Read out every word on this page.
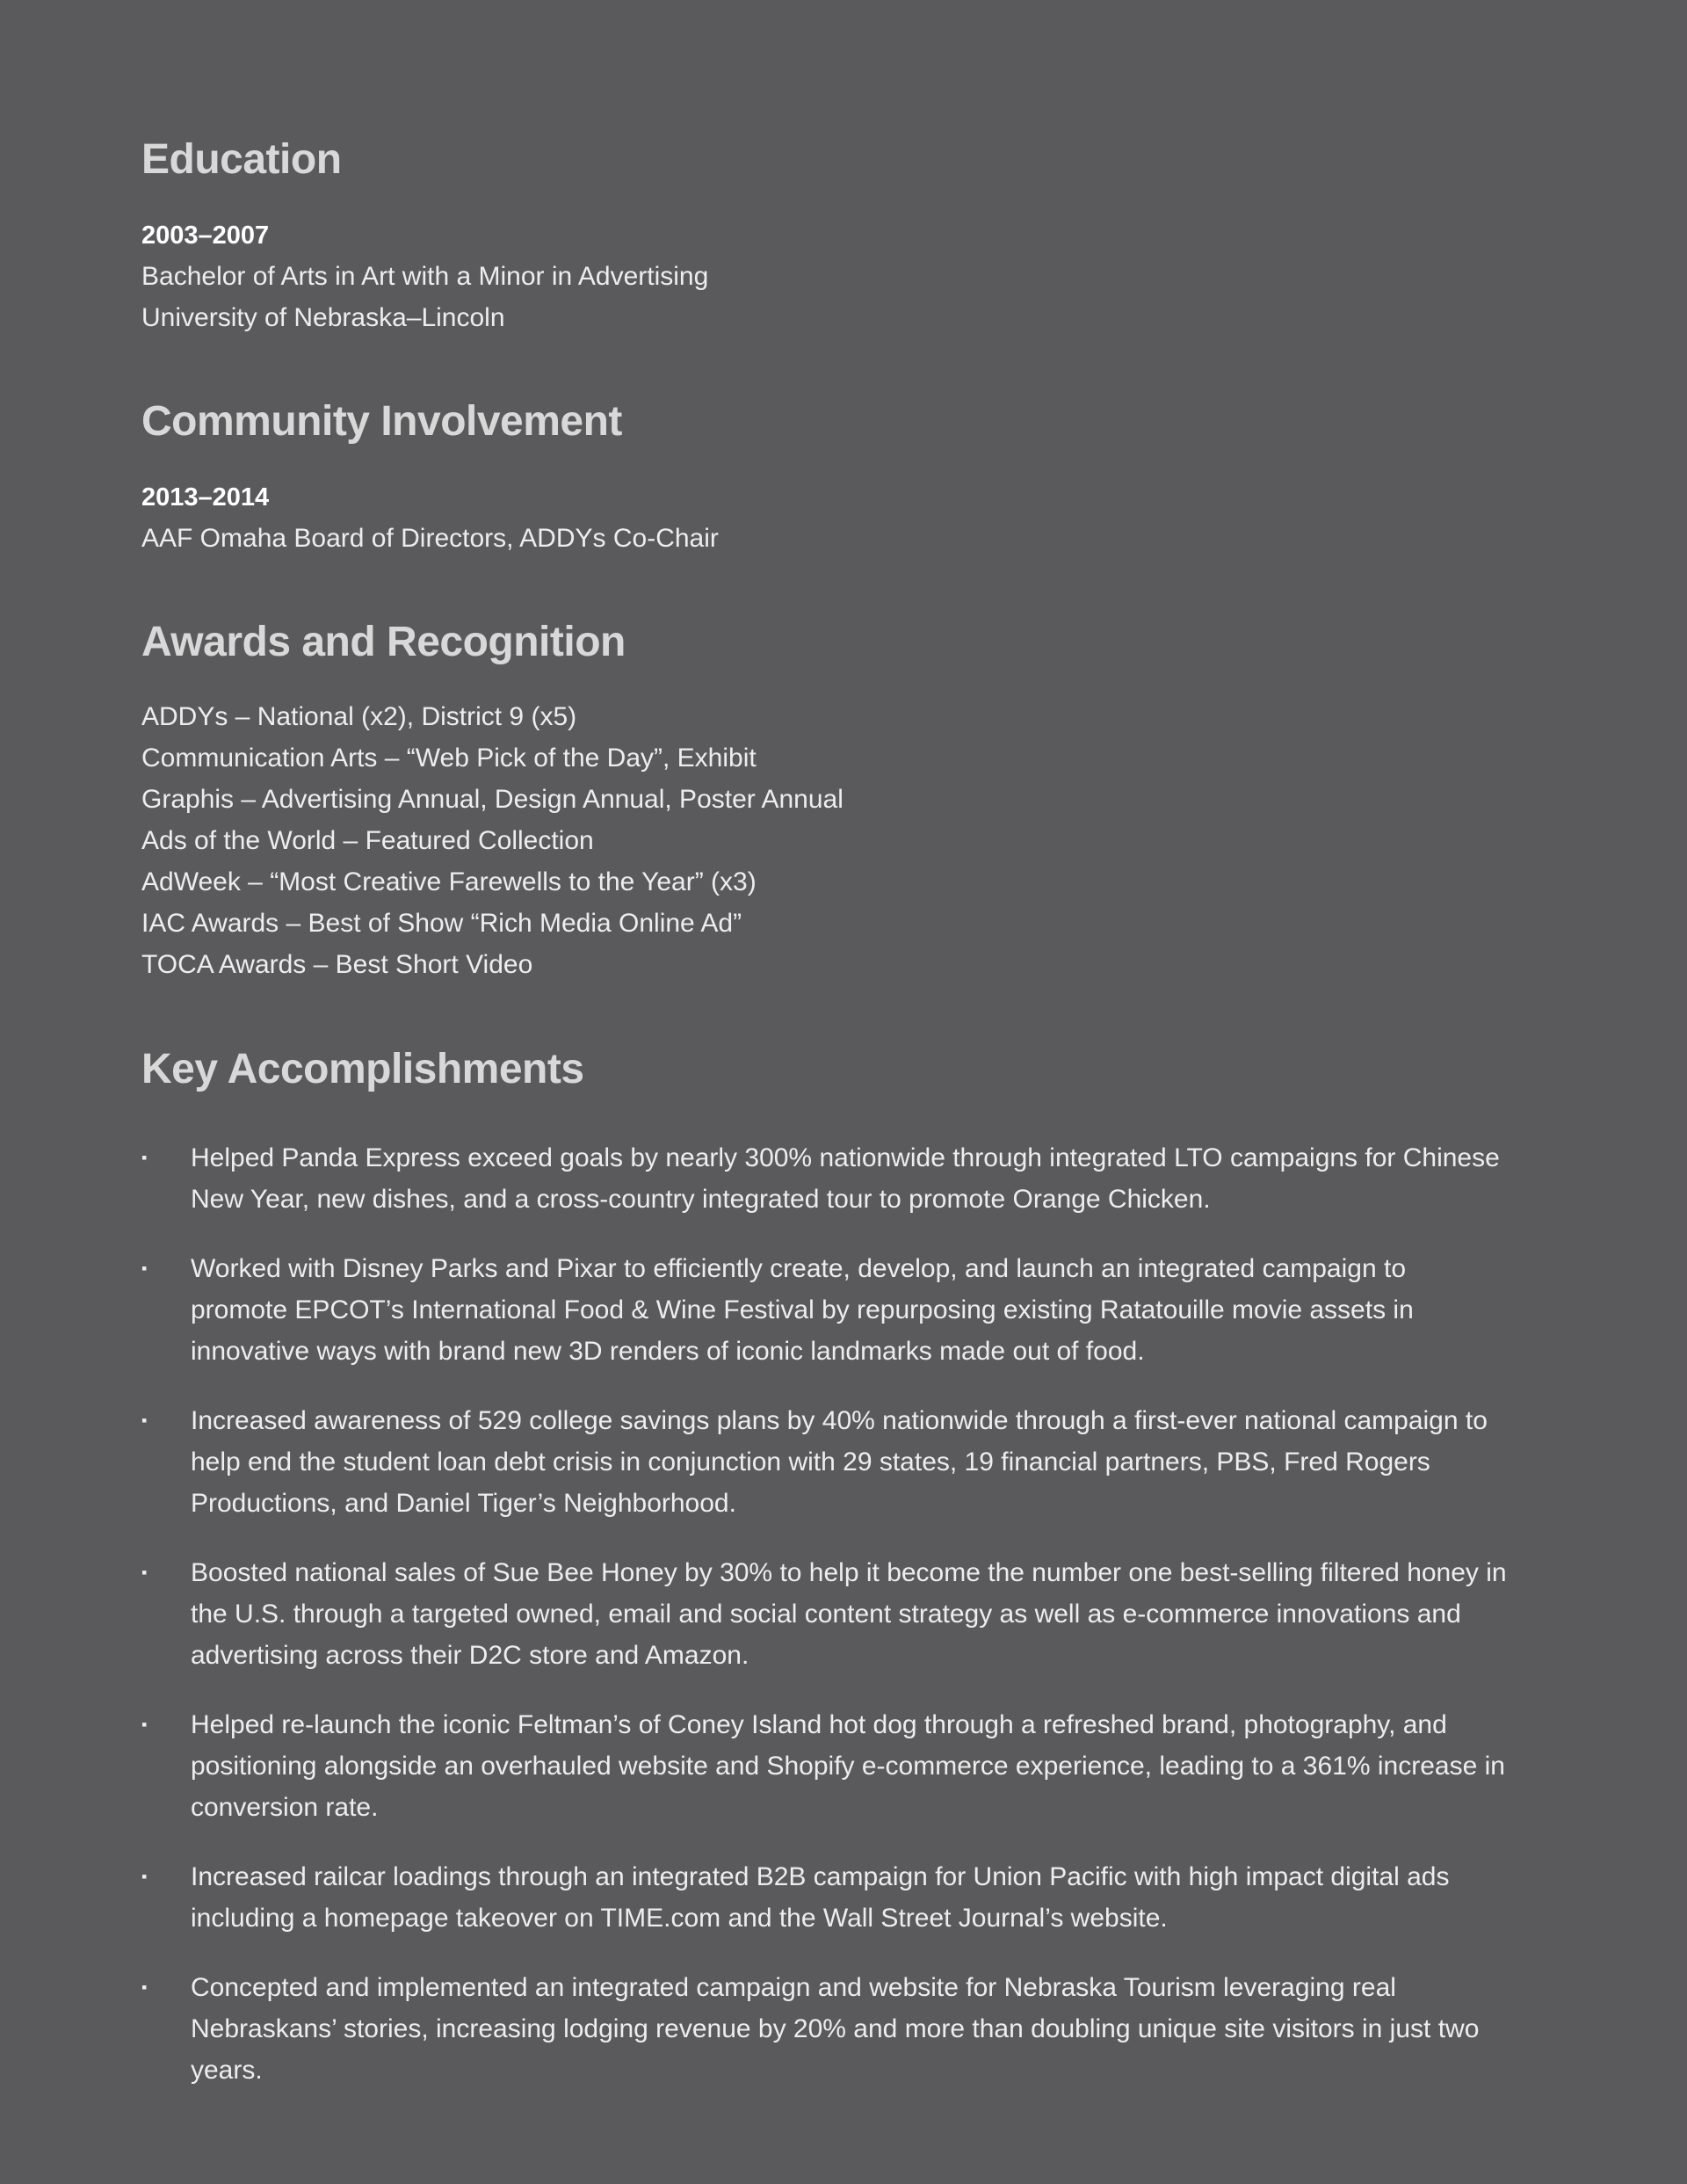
Education

2003–2007

Bachelor of Arts in Art with a Minor in Advertising

University of Nebraska–Lincoln

Community Involvement

2013–2014

AAF Omaha Board of Directors, ADDYs Co-Chair

Awards and Recognition

ADDYs – National (x2), District 9 (x5)

Communication Arts – “Web Pick of the Day”, Exhibit

Graphis – Advertising Annual, Design Annual, Poster Annual

Ads of the World – Featured Collection

AdWeek – “Most Creative Farewells to the Year” (x3)

IAC Awards – Best of Show “Rich Media Online Ad”

TOCA Awards – Best Short Video

Key Accomplishments
▪ Helped Panda Express exceed goals by nearly 300% nationwide through integrated LTO campaigns for Chinese New Year, new dishes, and a cross-country integrated tour to promote Orange Chicken.
▪ Worked with Disney Parks and Pixar to efficiently create, develop, and launch an integrated campaign to promote EPCOT’s International Food & Wine Festival by repurposing existing Ratatouille movie assets in innovative ways with brand new 3D renders of iconic landmarks made out of food.
▪ Increased awareness of 529 college savings plans by 40% nationwide through a first-ever national campaign to help end the student loan debt crisis in conjunction with 29 states, 19 financial partners, PBS, Fred Rogers Productions, and Daniel Tiger’s Neighborhood.
▪ Boosted national sales of Sue Bee Honey by 30% to help it become the number one best-selling filtered honey in the U.S. through a targeted owned, email and social content strategy as well as e-commerce innovations and advertising across their D2C store and Amazon.
▪ Helped re-launch the iconic Feltman’s of Coney Island hot dog through a refreshed brand, photography, and positioning alongside an overhauled website and Shopify e-commerce experience, leading to a 361% increase in conversion rate.
▪ Increased railcar loadings through an integrated B2B campaign for Union Pacific with high impact digital ads including a homepage takeover on TIME.com and the Wall Street Journal’s website.
▪ Concepted and implemented an integrated campaign and website for Nebraska Tourism leveraging real Nebraskans’ stories, increasing lodging revenue by 20% and more than doubling unique site visitors in just two years.
